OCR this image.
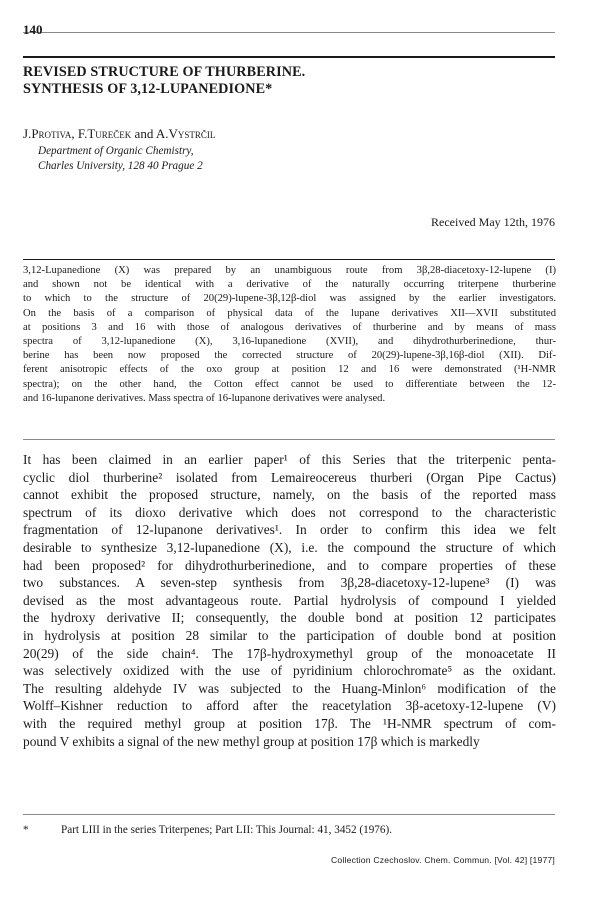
140
REVISED STRUCTURE OF THURBERINE.
SYNTHESIS OF 3,12-LUPANEDIONE*
J.Protiva, F.Tureček and A.Vystrčil
Department of Organic Chemistry,
Charles University, 128 40 Prague 2
Received May 12th, 1976
3,12-Lupanedione (X) was prepared by an unambiguous route from 3β,28-diacetoxy-12-lupene (I)
and shown not be identical with a derivative of the naturally occurring triterpene thurberine
to which to the structure of 20(29)-lupene-3β,12β-diol was assigned by the earlier investigators.
On the basis of a comparison of physical data of the lupane derivatives XII—XVII substituted
at positions 3 and 16 with those of analogous derivatives of thurberine and by means of mass
spectra of 3,12-lupanedione (X), 3,16-lupanedione (XVII), and dihydrothurberinedione, thur-
berine has been now proposed the corrected structure of 20(29)-lupene-3β,16β-diol (XII). Dif-
ferent anisotropic effects of the oxo group at position 12 and 16 were demonstrated (¹H-NMR
spectra); on the other hand, the Cotton effect cannot be used to differentiate between the 12-
and 16-lupanone derivatives. Mass spectra of 16-lupanone derivatives were analysed.
It has been claimed in an earlier paper¹ of this Series that the triterpenic penta-
cyclic diol thurberine² isolated from Lemaireocereus thurberi (Organ Pipe Cactus)
cannot exhibit the proposed structure, namely, on the basis of the reported mass
spectrum of its dioxo derivative which does not correspond to the characteristic
fragmentation of 12-lupanone derivatives¹. In order to confirm this idea we felt
desirable to synthesize 3,12-lupanedione (X), i.e. the compound the structure of which
had been proposed² for dihydrothurberinedione, and to compare properties of these
two substances. A seven-step synthesis from 3β,28-diacetoxy-12-lupene³ (I) was
devised as the most advantageous route. Partial hydrolysis of compound I yielded
the hydroxy derivative II; consequently, the double bond at position 12 participates
in hydrolysis at position 28 similar to the participation of double bond at position
20(29) of the side chain⁴. The 17β-hydroxymethyl group of the monoacetate II
was selectively oxidized with the use of pyridinium chlorochromate⁵ as the oxidant.
The resulting aldehyde IV was subjected to the Huang-Minlon⁶ modification of the
Wolff–Kishner reduction to afford after the reacetylation 3β-acetoxy-12-lupene (V)
with the required methyl group at position 17β. The ¹H-NMR spectrum of com-
pound V exhibits a signal of the new methyl group at position 17β which is markedly
*	Part LIII in the series Triterpenes; Part LII: This Journal: 41, 3452 (1976).
Collection Czechoslov. Chem. Commun. [Vol. 42] [1977]
